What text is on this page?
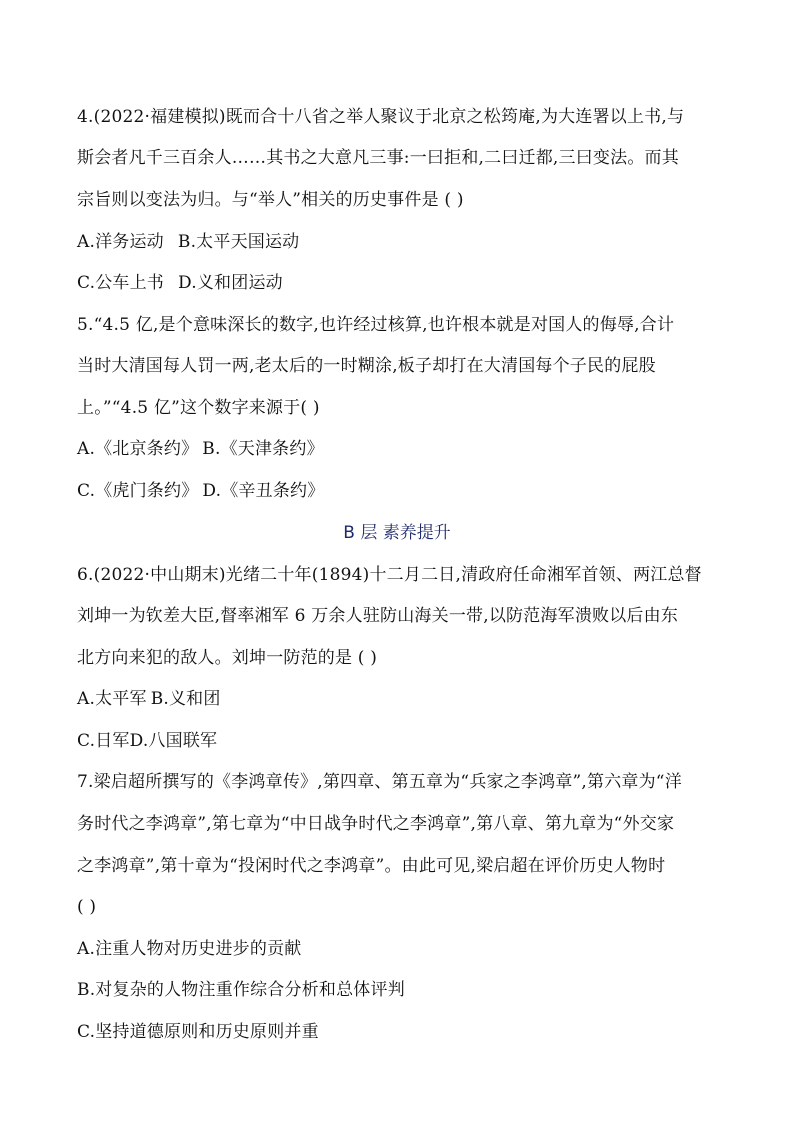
4.(2022·福建模拟)既而合十八省之举人聚议于北京之松筠庵,为大连署以上书,与
斯会者凡千三百余人……其书之大意凡三事:一曰拒和,二曰迁都,三曰变法。而其
宗旨则以变法为归。与“举人”相关的历史事件是 ( )
A.洋务运动 B.太平天国运动
C.公车上书 D.义和团运动
5.“4.5 亿,是个意味深长的数字,也许经过核算,也许根本就是对国人的侮辱,合计
当时大清国每人罚一两,老太后的一时糊涂,板子却打在大清国每个子民的屁股
上。”“4.5 亿”这个数字来源于( )
A.《北京条约》 B.《天津条约》
C.《虎门条约》 D.《辛丑条约》
B 层 素养提升
6.(2022·中山期末)光绪二十年(1894)十二月二日,清政府任命湘军首领、两江总督
刘坤一为钦差大臣,督率湘军 6 万余人驻防山海关一带,以防范海军溃败以后由东
北方向来犯的敌人。刘坤一防范的是 ( )
A.太平军 B.义和团
C.日军D.八国联军
7.梁启超所撰写的《李鸿章传》,第四章、第五章为“兵家之李鸿章”,第六章为“洋
务时代之李鸿章”,第七章为“中日战争时代之李鸿章”,第八章、第九章为“外交家
之李鸿章”,第十章为“投闲时代之李鸿章”。由此可见,梁启超在评价历史人物时
( )
A.注重人物对历史进步的贡献
B.对复杂的人物注重作综合分析和总体评判
C.坚持道德原则和历史原则并重
